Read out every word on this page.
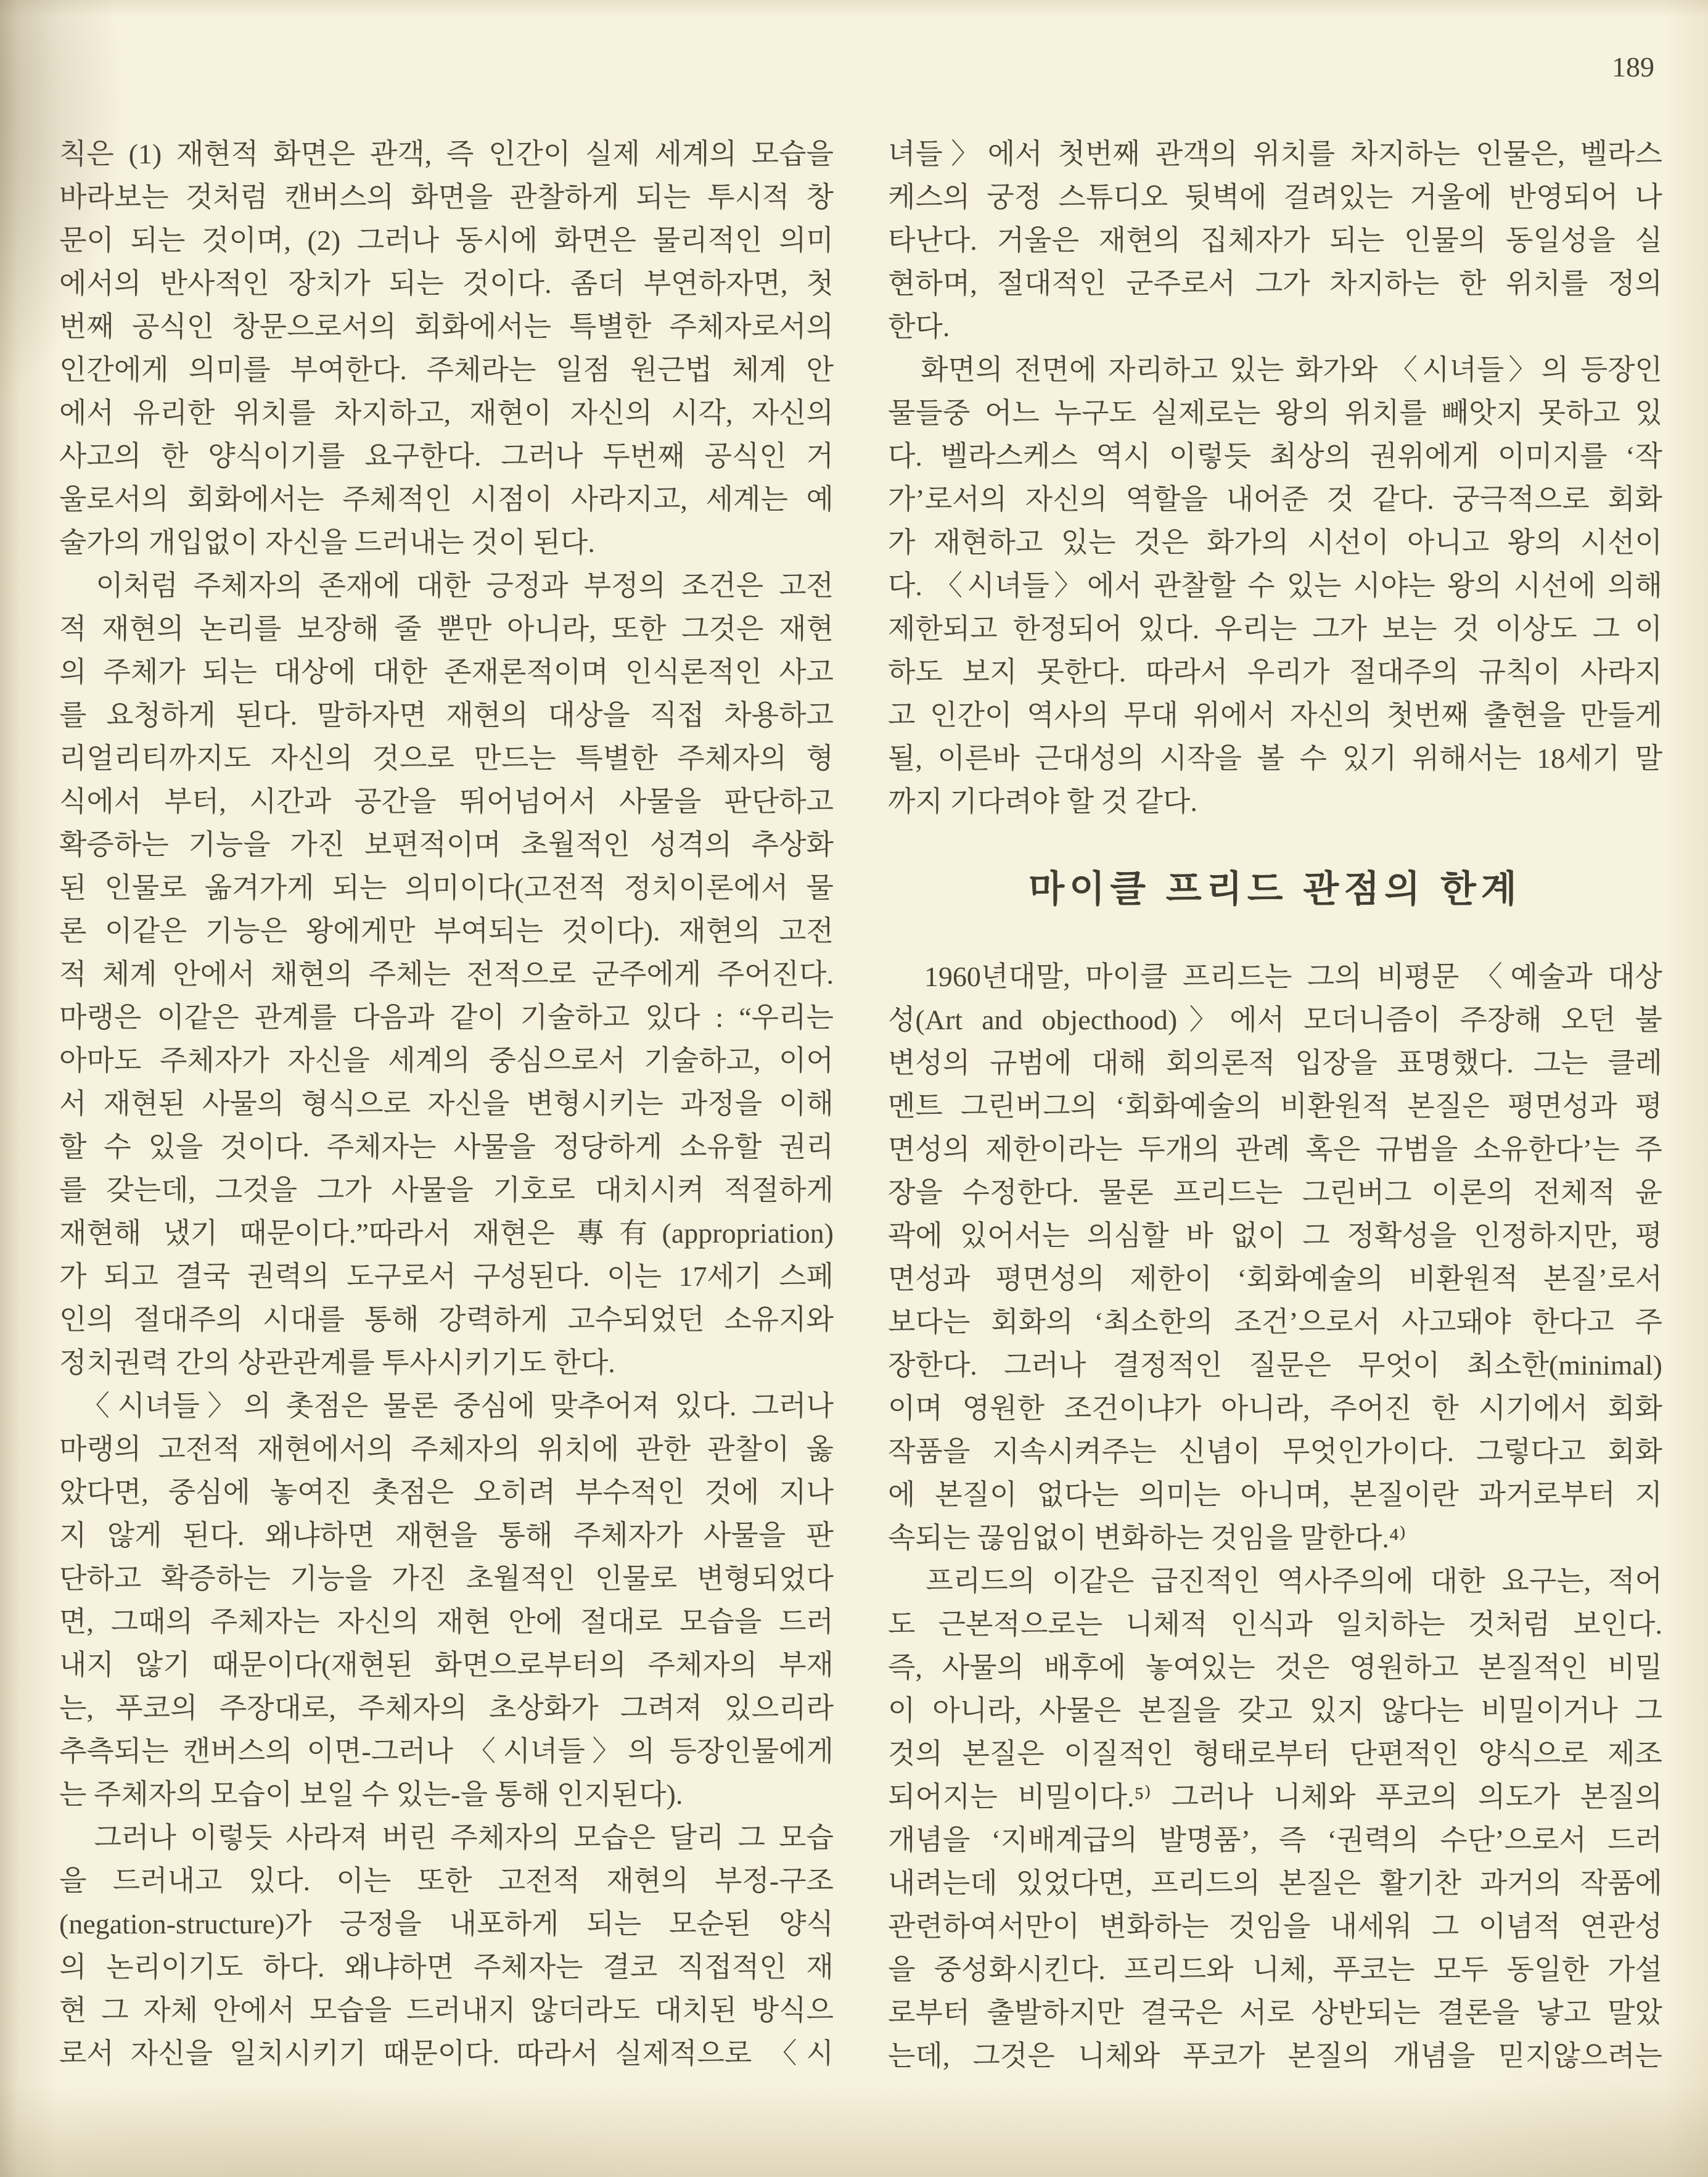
189
칙은 (1) 재현적 화면은 관객, 즉 인간이 실제 세계의 모습을
바라보는 것처럼 캔버스의 화면을 관찰하게 되는 투시적 창
문이 되는 것이며, (2) 그러나 동시에 화면은 물리적인 의미
에서의 반사적인 장치가 되는 것이다. 좀더 부연하자면, 첫
번째 공식인 창문으로서의 회화에서는 특별한 주체자로서의
인간에게 의미를 부여한다. 주체라는 일점 원근법 체계 안
에서 유리한 위치를 차지하고, 재현이 자신의 시각, 자신의
사고의 한 양식이기를 요구한다. 그러나 두번째 공식인 거
울로서의 회화에서는 주체적인 시점이 사라지고, 세계는 예
술가의 개입없이 자신을 드러내는 것이 된다.
　이처럼 주체자의 존재에 대한 긍정과 부정의 조건은 고전
적 재현의 논리를 보장해 줄 뿐만 아니라, 또한 그것은 재현
의 주체가 되는 대상에 대한 존재론적이며 인식론적인 사고
를 요청하게 된다. 말하자면 재현의 대상을 직접 차용하고
리얼리티까지도 자신의 것으로 만드는 특별한 주체자의 형
식에서 부터, 시간과 공간을 뛰어넘어서 사물을 판단하고
확증하는 기능을 가진 보편적이며 초월적인 성격의 추상화
된 인물로 옮겨가게 되는 의미이다(고전적 정치이론에서 물
론 이같은 기능은 왕에게만 부여되는 것이다). 재현의 고전
적 체계 안에서 채현의 주체는 전적으로 군주에게 주어진다.
마랭은 이같은 관계를 다음과 같이 기술하고 있다 : “우리는
아마도 주체자가 자신을 세계의 중심으로서 기술하고, 이어
서 재현된 사물의 형식으로 자신을 변형시키는 과정을 이해
할 수 있을 것이다. 주체자는 사물을 정당하게 소유할 권리
를 갖는데, 그것을 그가 사물을 기호로 대치시켜 적절하게
재현해 냈기 때문이다.”따라서 재현은 專有(appropriation)
가 되고 결국 권력의 도구로서 구성된다. 이는 17세기 스페
인의 절대주의 시대를 통해 강력하게 고수되었던 소유지와
정치권력 간의 상관관계를 투사시키기도 한다.
　〈시녀들〉의 촛점은 물론 중심에 맞추어져 있다. 그러나
마랭의 고전적 재현에서의 주체자의 위치에 관한 관찰이 옳
았다면, 중심에 놓여진 촛점은 오히려 부수적인 것에 지나
지 않게 된다. 왜냐하면 재현을 통해 주체자가 사물을 판
단하고 확증하는 기능을 가진 초월적인 인물로 변형되었다
면, 그때의 주체자는 자신의 재현 안에 절대로 모습을 드러
내지 않기 때문이다(재현된 화면으로부터의 주체자의 부재
는, 푸코의 주장대로, 주체자의 초상화가 그려져 있으리라
추측되는 캔버스의 이면-그러나 〈시녀들〉의 등장인물에게
는 주체자의 모습이 보일 수 있는-을 통해 인지된다).
　그러나 이렇듯 사라져 버린 주체자의 모습은 달리 그 모습
을 드러내고 있다. 이는 또한 고전적 재현의 부정-구조
(negation-structure)가 긍정을 내포하게 되는 모순된 양식
의 논리이기도 하다. 왜냐하면 주체자는 결코 직접적인 재
현 그 자체 안에서 모습을 드러내지 않더라도 대치된 방식으
로서 자신을 일치시키기 때문이다. 따라서 실제적으로 〈시
녀들〉에서 첫번째 관객의 위치를 차지하는 인물은, 벨라스
케스의 궁정 스튜디오 뒷벽에 걸려있는 거울에 반영되어 나
타난다. 거울은 재현의 집체자가 되는 인물의 동일성을 실
현하며, 절대적인 군주로서 그가 차지하는 한 위치를 정의
한다.
　화면의 전면에 자리하고 있는 화가와 〈시녀들〉의 등장인
물들중 어느 누구도 실제로는 왕의 위치를 빼앗지 못하고 있
다. 벨라스케스 역시 이렇듯 최상의 권위에게 이미지를 ‘작
가’로서의 자신의 역할을 내어준 것 같다. 궁극적으로 회화
가 재현하고 있는 것은 화가의 시선이 아니고 왕의 시선이
다. 〈시녀들〉에서 관찰할 수 있는 시야는 왕의 시선에 의해
제한되고 한정되어 있다. 우리는 그가 보는 것 이상도 그 이
하도 보지 못한다. 따라서 우리가 절대주의 규칙이 사라지
고 인간이 역사의 무대 위에서 자신의 첫번째 출현을 만들게
될, 이른바 근대성의 시작을 볼 수 있기 위해서는 18세기 말
까지 기다려야 할 것 같다.
마이클 프리드 관점의 한계
　1960년대말, 마이클 프리드는 그의 비평문 〈예술과 대상
성(Art and objecthood)〉에서 모더니즘이 주장해 오던 불
변성의 규범에 대해 회의론적 입장을 표명했다. 그는 클레
멘트 그린버그의 ‘회화예술의 비환원적 본질은 평면성과 평
면성의 제한이라는 두개의 관례 혹은 규범을 소유한다’는 주
장을 수정한다. 물론 프리드는 그린버그 이론의 전체적 윤
곽에 있어서는 의심할 바 없이 그 정확성을 인정하지만, 평
면성과 평면성의 제한이 ‘회화예술의 비환원적 본질’로서
보다는 회화의 ‘최소한의 조건’으로서 사고돼야 한다고 주
장한다. 그러나 결정적인 질문은 무엇이 최소한(minimal)
이며 영원한 조건이냐가 아니라, 주어진 한 시기에서 회화
작품을 지속시켜주는 신념이 무엇인가이다. 그렇다고 회화
에 본질이 없다는 의미는 아니며, 본질이란 과거로부터 지
속되는 끊임없이 변화하는 것임을 말한다.⁴⁾
　프리드의 이같은 급진적인 역사주의에 대한 요구는, 적어
도 근본적으로는 니체적 인식과 일치하는 것처럼 보인다.
즉, 사물의 배후에 놓여있는 것은 영원하고 본질적인 비밀
이 아니라, 사물은 본질을 갖고 있지 않다는 비밀이거나 그
것의 본질은 이질적인 형태로부터 단편적인 양식으로 제조
되어지는 비밀이다.⁵⁾ 그러나 니체와 푸코의 의도가 본질의
개념을 ‘지배계급의 발명품’, 즉 ‘권력의 수단’으로서 드러
내려는데 있었다면, 프리드의 본질은 활기찬 과거의 작품에
관련하여서만이 변화하는 것임을 내세워 그 이념적 연관성
을 중성화시킨다. 프리드와 니체, 푸코는 모두 동일한 가설
로부터 출발하지만 결국은 서로 상반되는 결론을 낳고 말았
는데, 그것은 니체와 푸코가 본질의 개념을 믿지않으려는
